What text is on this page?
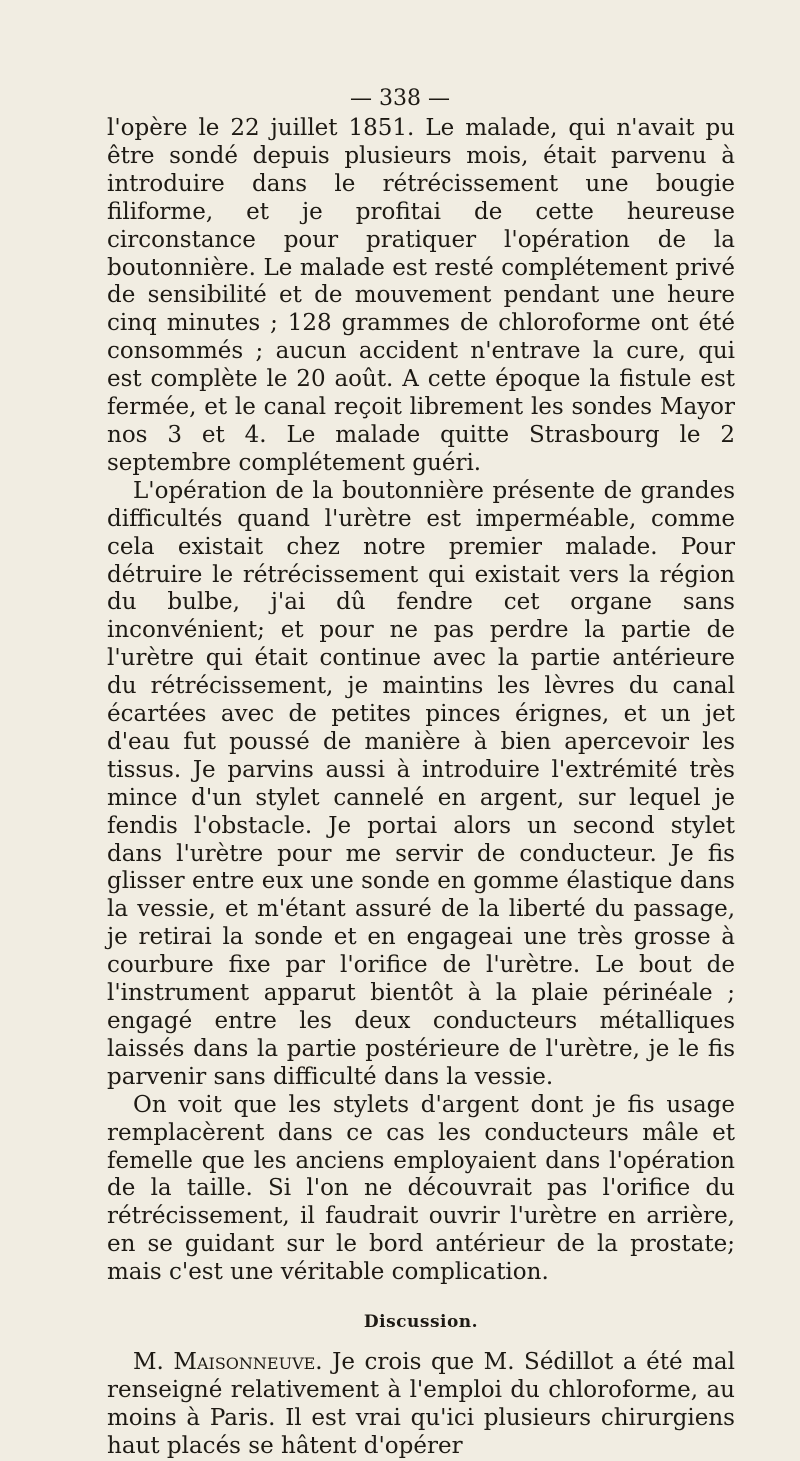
— 338 —

l'opère le 22 juillet 1851. Le malade, qui n'avait pu être sondé depuis plusieurs mois, était parvenu à introduire dans le rétrécissement une bougie filiforme, et je profitai de cette heureuse circonstance pour pratiquer l'opération de la boutonnière. Le malade est resté complétement privé de sensibilité et de mouvement pendant une heure cinq minutes ; 128 grammes de chloroforme ont été consommés ; aucun accident n'entrave la cure, qui est complète le 20 août. A cette époque la fistule est fermée, et le canal reçoit librement les sondes Mayor nos 3 et 4. Le malade quitte Strasbourg le 2 septembre complétement guéri.

L'opération de la boutonnière présente de grandes difficultés quand l'urètre est imperméable, comme cela existait chez notre premier malade. Pour détruire le rétrécissement qui existait vers la région du bulbe, j'ai dû fendre cet organe sans inconvénient; et pour ne pas perdre la partie de l'urètre qui était continue avec la partie antérieure du rétrécissement, je maintins les lèvres du canal écartées avec de petites pinces érignes, et un jet d'eau fut poussé de manière à bien apercevoir les tissus. Je parvins aussi à introduire l'extrémité très mince d'un stylet cannelé en argent, sur lequel je fendis l'obstacle. Je portai alors un second stylet dans l'urètre pour me servir de conducteur. Je fis glisser entre eux une sonde en gomme élastique dans la vessie, et m'étant assuré de la liberté du passage, je retirai la sonde et en engageai une très grosse à courbure fixe par l'orifice de l'urètre. Le bout de l'instrument apparut bientôt à la plaie périnéale ; engagé entre les deux conducteurs métalliques laissés dans la partie postérieure de l'urètre, je le fis parvenir sans difficulté dans la vessie.

On voit que les stylets d'argent dont je fis usage remplacèrent dans ce cas les conducteurs mâle et femelle que les anciens employaient dans l'opération de la taille. Si l'on ne découvrait pas l'orifice du rétrécissement, il faudrait ouvrir l'urètre en arrière, en se guidant sur le bord antérieur de la prostate; mais c'est une véritable complication.

Discussion.

M. Maisonneuve. Je crois que M. Sédillot a été mal renseigné relativement à l'emploi du chloroforme, au moins à Paris. Il est vrai qu'ici plusieurs chirurgiens haut placés se hâtent d'opérer
